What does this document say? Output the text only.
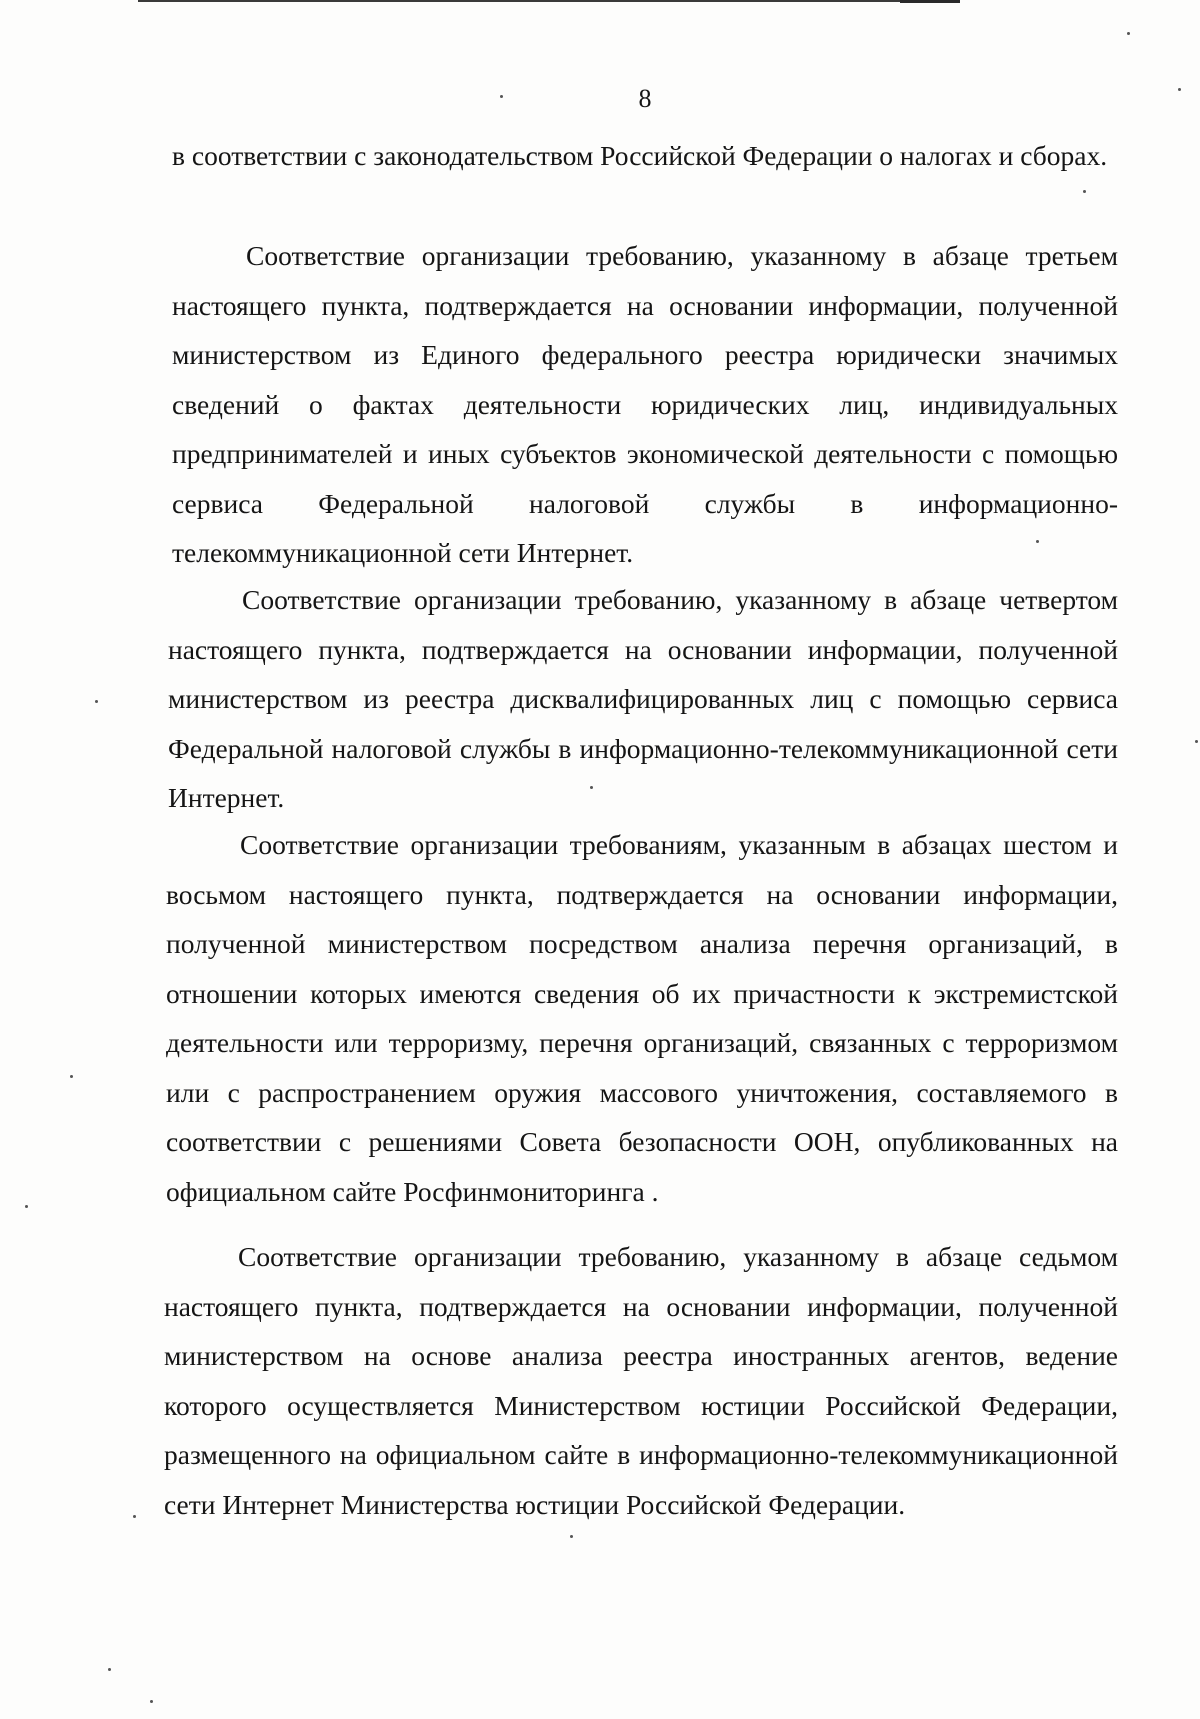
8

в соответствии с законодательством Российской Федерации о налогах и сборах.

Соответствие организации требованию, указанному в абзаце третьем настоящего пункта, подтверждается на основании информации, полученной министерством из Единого федерального реестра юридически значимых сведений о фактах деятельности юридических лиц, индивидуальных предпринимателей и иных субъектов экономической деятельности с помощью сервиса Федеральной налоговой службы в информационно-телекоммуникационной сети Интернет.

Соответствие организации требованию, указанному в абзаце четвертом настоящего пункта, подтверждается на основании информации, полученной министерством из реестра дисквалифицированных лиц с помощью сервиса Федеральной налоговой службы в информационно-телекоммуникационной сети Интернет.

Соответствие организации требованиям, указанным в абзацах шестом и восьмом настоящего пункта, подтверждается на основании информации, полученной министерством посредством анализа перечня организаций, в отношении которых имеются сведения об их причастности к экстремистской деятельности или терроризму, перечня организаций, связанных с терроризмом или с распространением оружия массового уничтожения, составляемого в соответствии с решениями Совета безопасности ООН, опубликованных на официальном сайте Росфинмониторинга .

Соответствие организации требованию, указанному в абзаце седьмом настоящего пункта, подтверждается на основании информации, полученной министерством на основе анализа реестра иностранных агентов, ведение которого осуществляется Министерством юстиции Российской Федерации, размещенного на официальном сайте в информационно-телекоммуникационной сети Интернет Министерства юстиции Российской Федерации.
